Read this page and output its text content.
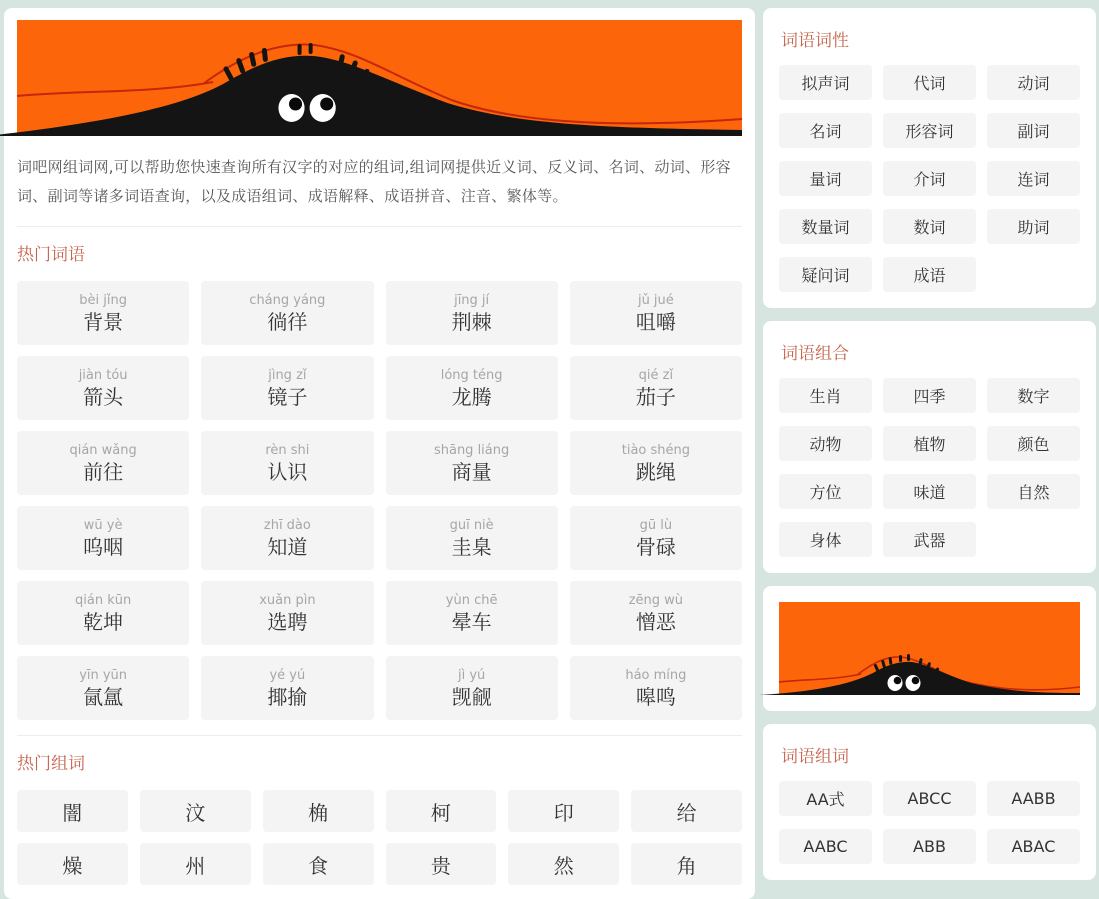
词吧网组词网,可以帮助您快速查询所有汉字的对应的组词,组词网提供近义词、反义词、名词、动词、形容词、副词等诸多词语查询，以及成语组词、成语解释、成语拼音、注音、繁体等。

热门词语
bèi jǐng
背景
cháng yáng
徜徉
jīng jí
荆棘
jǔ jué
咀嚼
jiàn tóu
箭头
jìng zǐ
镜子
lóng téng
龙腾
qié zǐ
茄子
qián wǎng
前往
rèn shi
认识
shāng liáng
商量
tiào shéng
跳绳
wū yè
呜咽
zhī dào
知道
guī niè
圭臬
gū lù
骨碌
qián kūn
乾坤
xuǎn pìn
选聘
yùn chē
晕车
zēng wù
憎恶
yīn yūn
氤氲
yé yú
揶揄
jì yú
觊觎
háo míng
嗥鸣
热门组词
闇	汶	桷	柯	印	给
燥	州	食	贵	然	角
词语词性
拟声词	代词	动词
名词	形容词	副词
量词	介词	连词
数量词	数词	助词
疑问词	成语
词语组合
生肖	四季	数字
动物	植物	颜色
方位	味道	自然
身体	武器
词语组词
AA式	ABCC	AABB
AABC	ABB	ABAC
